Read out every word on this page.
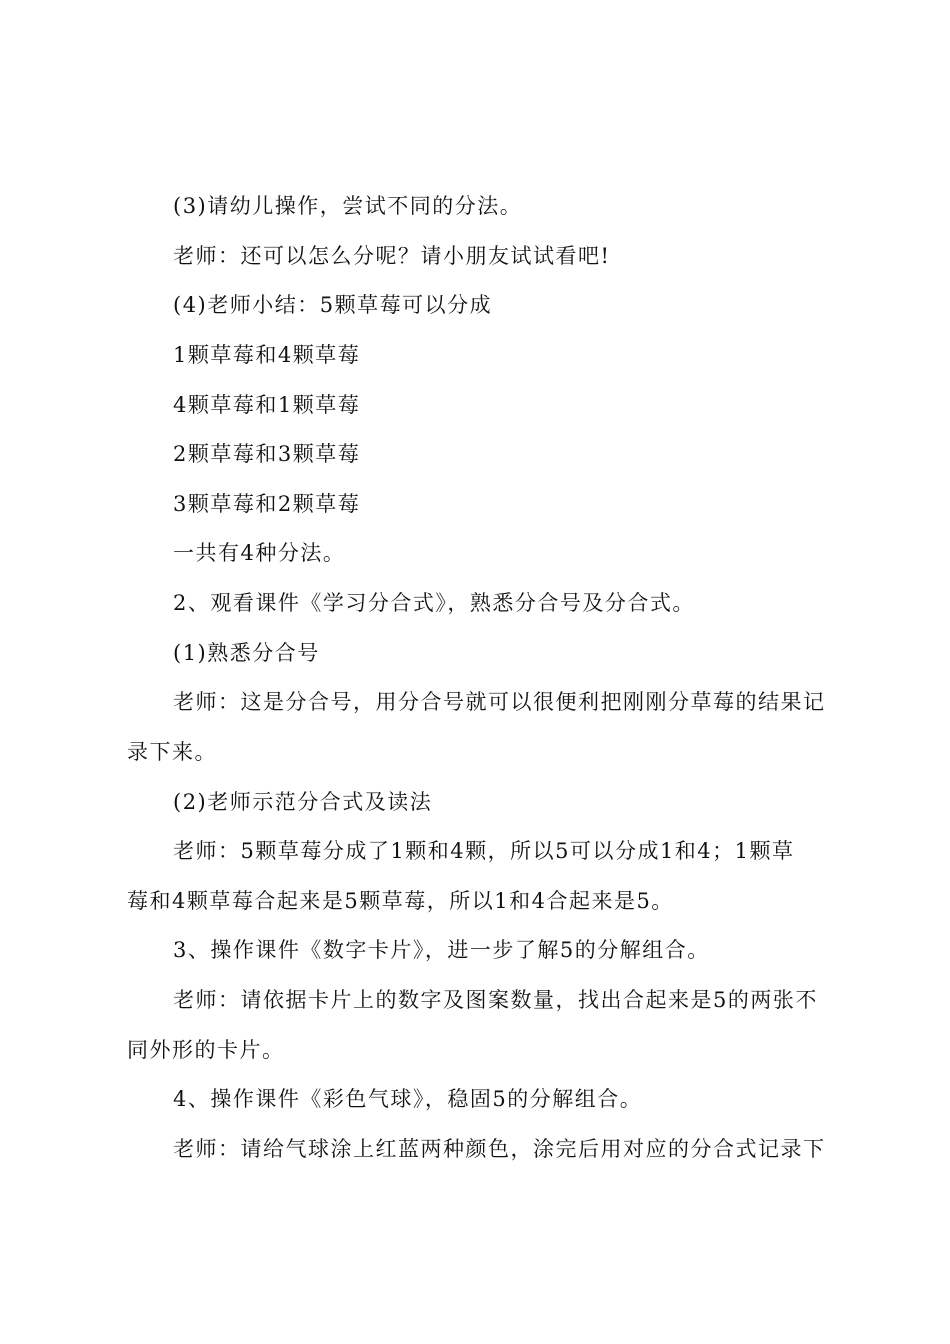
(3)请幼儿操作，尝试不同的分法。
老师：还可以怎么分呢？请小朋友试试看吧!
(4)老师小结：5颗草莓可以分成
1颗草莓和4颗草莓
4颗草莓和1颗草莓
2颗草莓和3颗草莓
3颗草莓和2颗草莓
一共有4种分法。
2、观看课件《学习分合式》，熟悉分合号及分合式。
(1)熟悉分合号
老师：这是分合号，用分合号就可以很便利把刚刚分草莓的结果记
录下来。
(2)老师示范分合式及读法
老师：5颗草莓分成了1颗和4颗，所以5可以分成1和4；1颗草
莓和4颗草莓合起来是5颗草莓，所以1和4合起来是5。
3、操作课件《数字卡片》，进一步了解5的分解组合。
老师：请依据卡片上的数字及图案数量，找出合起来是5的两张不
同外形的卡片。
4、操作课件《彩色气球》，稳固5的分解组合。
老师：请给气球涂上红蓝两种颜色，涂完后用对应的分合式记录下
